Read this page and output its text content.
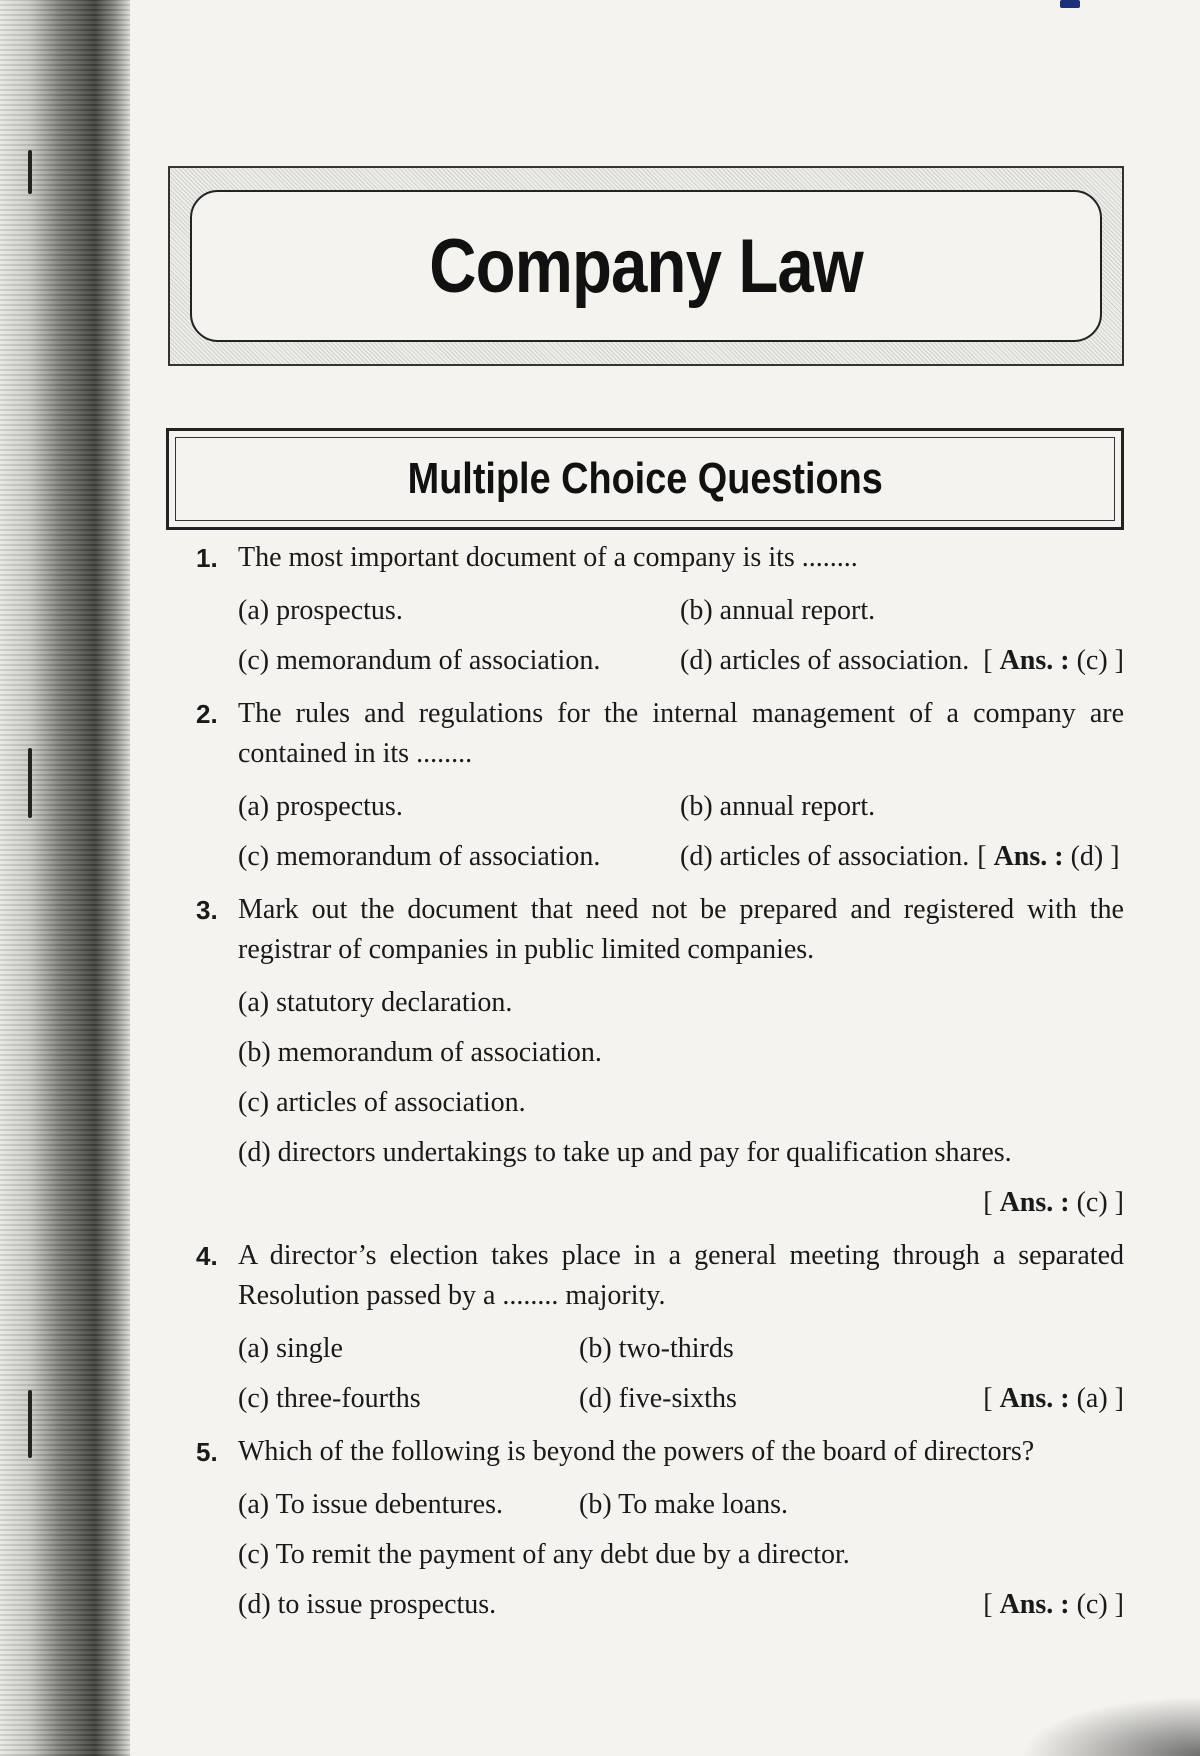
Company Law
Multiple Choice Questions
1. The most important document of a company is its ........
(a) prospectus.	(b) annual report.
(c) memorandum of association.	(d) articles of association. [ Ans. : (c) ]
2. The rules and regulations for the internal management of a company are contained in its ........
(a) prospectus.	(b) annual report.
(c) memorandum of association.	(d) articles of association. [ Ans. : (d) ]
3. Mark out the document that need not be prepared and registered with the registrar of companies in public limited companies.
(a) statutory declaration.
(b) memorandum of association.
(c) articles of association.
(d) directors undertakings to take up and pay for qualification shares.
[ Ans. : (c) ]
4. A director’s election takes place in a general meeting through a separated Resolution passed by a ........ majority.
(a) single	(b) two-thirds
(c) three-fourths	(d) five-sixths	[ Ans. : (a) ]
5. Which of the following is beyond the powers of the board of directors?
(a) To issue debentures.	(b) To make loans.
(c) To remit the payment of any debt due by a director.
(d) to issue prospectus.	[ Ans. : (c) ]
